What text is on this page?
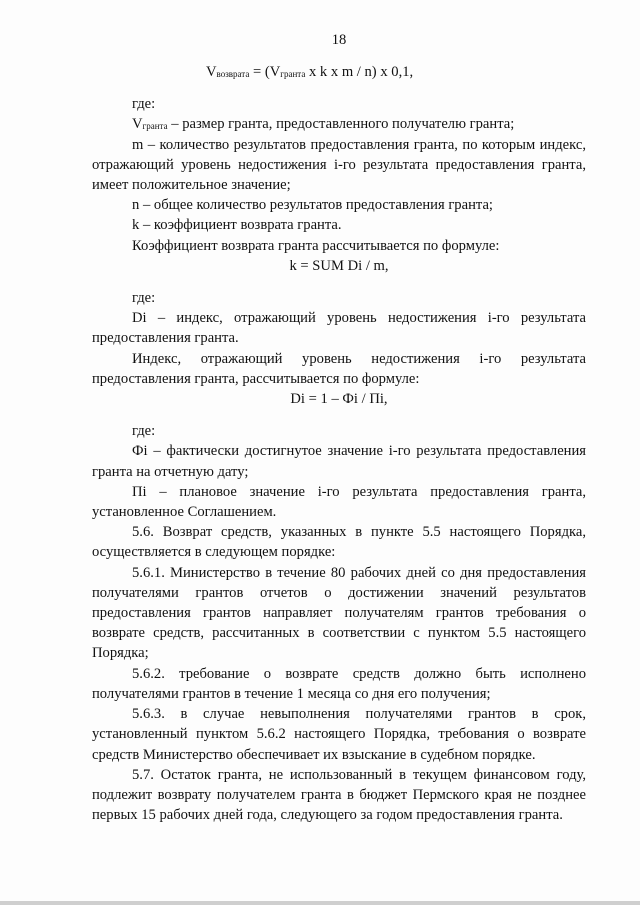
18
$V_{возврата} = (V_{гранта}$ x k x m / n) x 0,1,
где:

$V_{гранта}$ – размер гранта, предоставленного получателю гранта;

m – количество результатов предоставления гранта, по которым индекс, отражающий уровень недостижения i-го результата предоставления гранта, имеет положительное значение;

n – общее количество результатов предоставления гранта;

k – коэффициент возврата гранта.

Коэффициент возврата гранта рассчитывается по формуле:

k = SUM Di / m,
где:

Di – индекс, отражающий уровень недостижения i-го результата предоставления гранта.

Индекс, отражающий уровень недостижения i-го результата предоставления гранта, рассчитывается по формуле:

Di = 1 – Фi / Пi,
где:

Фi – фактически достигнутое значение i-го результата предоставления гранта на отчетную дату;

Пi – плановое значение i-го результата предоставления гранта, установленное Соглашением.

5.6. Возврат средств, указанных в пункте 5.5 настоящего Порядка, осуществляется в следующем порядке:

5.6.1. Министерство в течение 80 рабочих дней со дня предоставления получателями грантов отчетов о достижении значений результатов предоставления грантов направляет получателям грантов требования о возврате средств, рассчитанных в соответствии с пунктом 5.5 настоящего Порядка;

5.6.2. требование о возврате средств должно быть исполнено получателями грантов в течение 1 месяца со дня его получения;

5.6.3. в случае невыполнения получателями грантов в срок, установленный пунктом 5.6.2 настоящего Порядка, требования о возврате средств Министерство обеспечивает их взыскание в судебном порядке.

5.7. Остаток гранта, не использованный в текущем финансовом году, подлежит возврату получателем гранта в бюджет Пермского края не позднее первых 15 рабочих дней года, следующего за годом предоставления гранта.
